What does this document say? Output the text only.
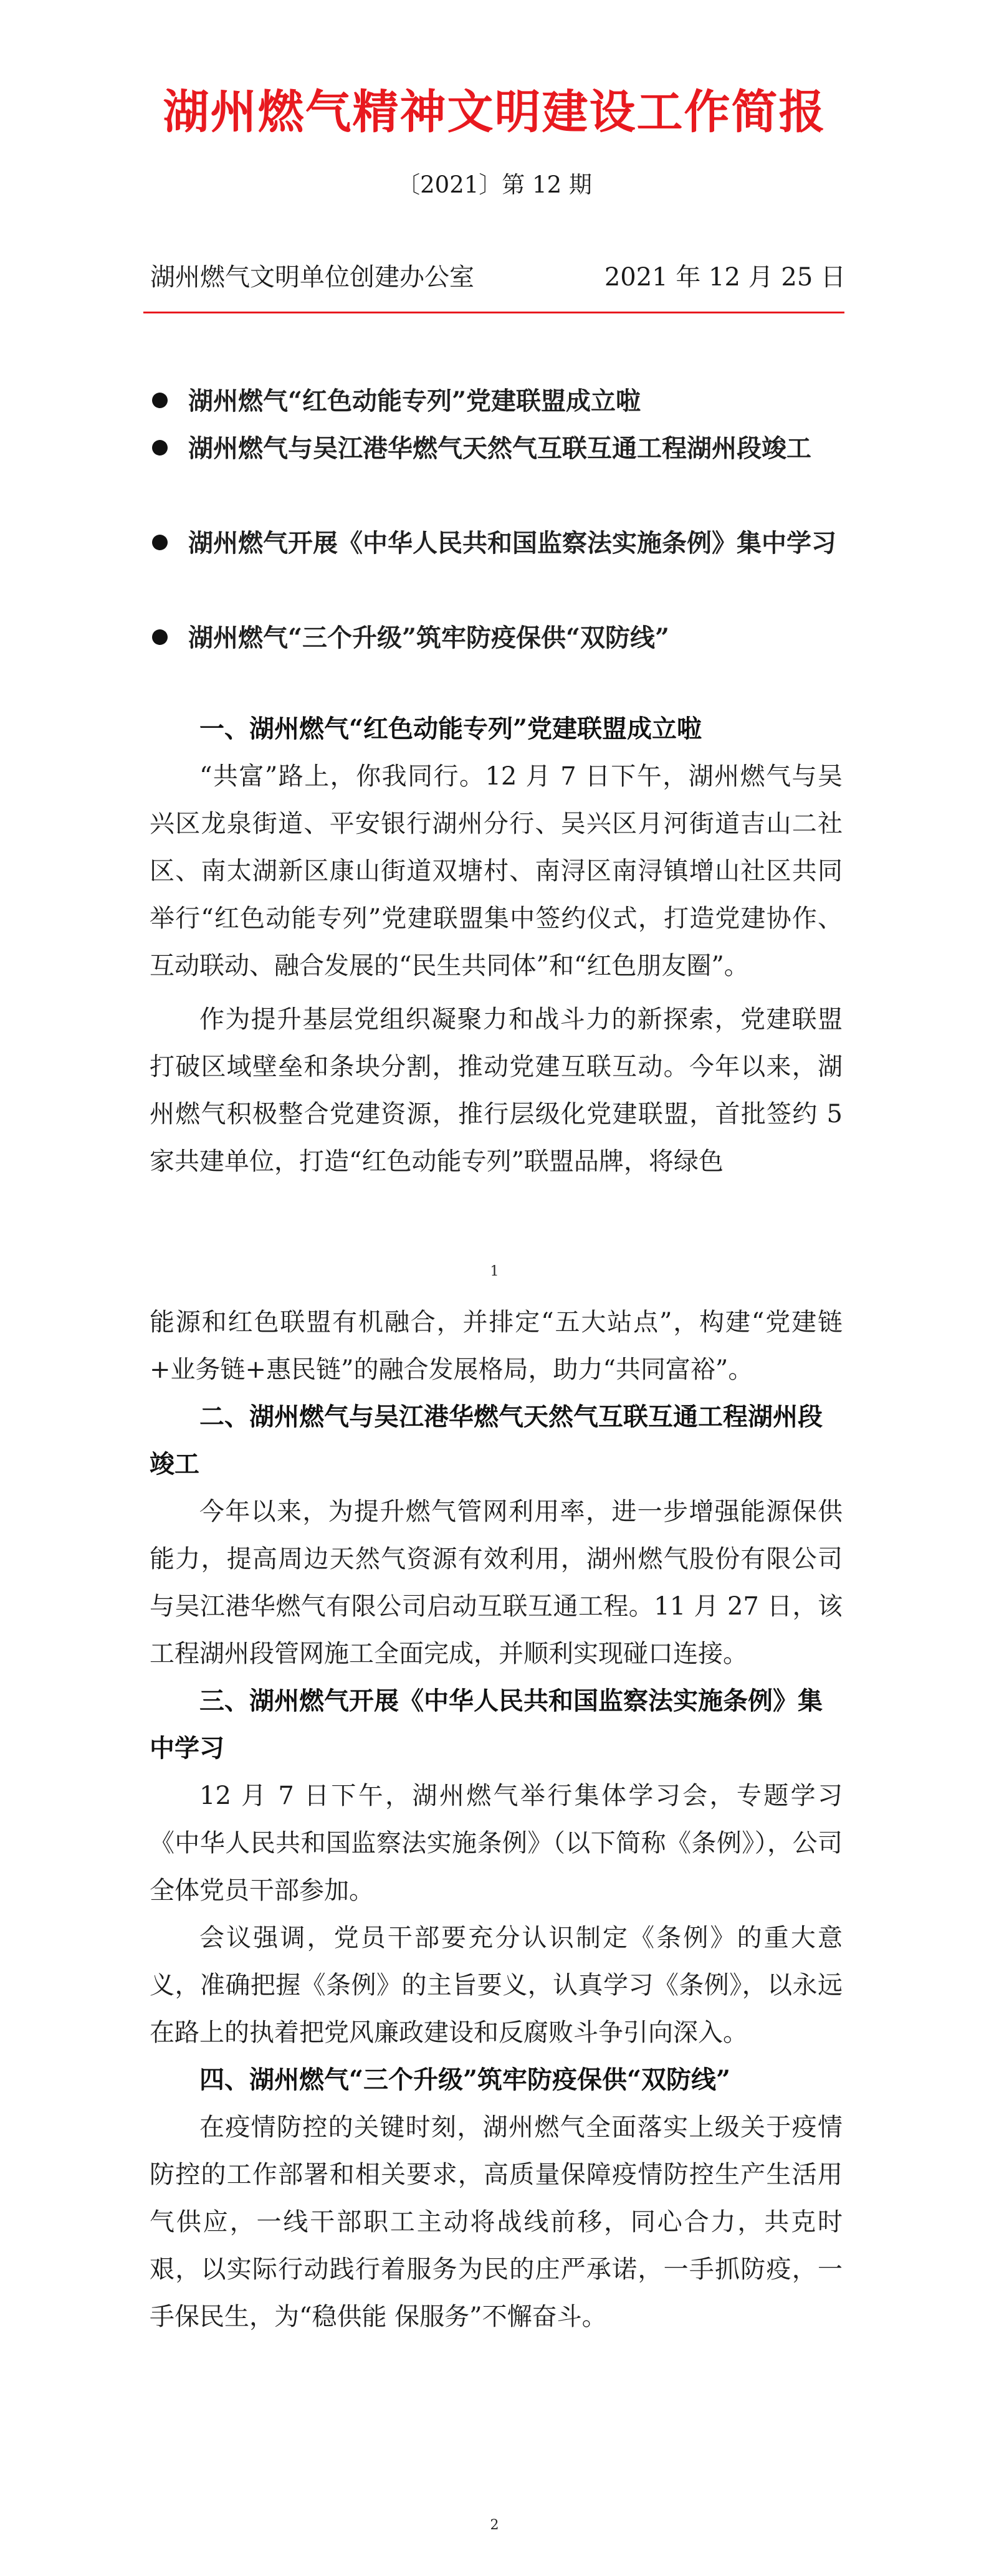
湖州燃气精神文明建设工作简报
〔2021〕第 12 期
湖州燃气文明单位创建办公室	2021 年 12 月 25 日
湖州燃气“红色动能专列”党建联盟成立啦
湖州燃气与吴江港华燃气天然气互联互通工程湖州段竣工
湖州燃气开展《中华人民共和国监察法实施条例》集中学习
湖州燃气“三个升级”筑牢防疫保供“双防线”
一、湖州燃气“红色动能专列”党建联盟成立啦
“共富”路上，你我同行。12 月 7 日下午，湖州燃气与吴兴区龙泉街道、平安银行湖州分行、吴兴区月河街道吉山二社区、南太湖新区康山街道双塘村、南浔区南浔镇增山社区共同举行“红色动能专列”党建联盟集中签约仪式，打造党建协作、互动联动、融合发展的“民生共同体”和“红色朋友圈”。
作为提升基层党组织凝聚力和战斗力的新探索，党建联盟打破区域壁垒和条块分割，推动党建互联互动。今年以来，湖州燃气积极整合党建资源，推行层级化党建联盟，首批签约 5 家共建单位，打造“红色动能专列”联盟品牌，将绿色
1
能源和红色联盟有机融合，并排定“五大站点”，构建“党建链+业务链+惠民链”的融合发展格局，助力“共同富裕”。
二、湖州燃气与吴江港华燃气天然气互联互通工程湖州段竣工
今年以来，为提升燃气管网利用率，进一步增强能源保供能力，提高周边天然气资源有效利用，湖州燃气股份有限公司与吴江港华燃气有限公司启动互联互通工程。11 月 27 日，该工程湖州段管网施工全面完成，并顺利实现碰口连接。
三、湖州燃气开展《中华人民共和国监察法实施条例》集中学习
12 月 7 日下午，湖州燃气举行集体学习会，专题学习《中华人民共和国监察法实施条例》（以下简称《条例》），公司全体党员干部参加。
会议强调，党员干部要充分认识制定《条例》的重大意义，准确把握《条例》的主旨要义，认真学习《条例》，以永远在路上的执着把党风廉政建设和反腐败斗争引向深入。
四、湖州燃气“三个升级”筑牢防疫保供“双防线”
在疫情防控的关键时刻，湖州燃气全面落实上级关于疫情防控的工作部署和相关要求，高质量保障疫情防控生产生活用气供应，一线干部职工主动将战线前移，同心合力，共克时艰，以实际行动践行着服务为民的庄严承诺，一手抓防疫，一手保民生，为“稳供能 保服务”不懈奋斗。
2
